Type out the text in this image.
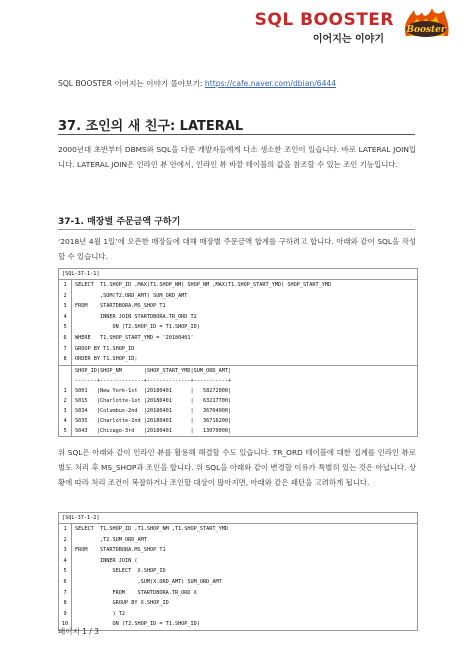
SQL BOOSTER
이어지는 이야기
Booster
SQL BOOSTER 이어지는 이야기 몰아보기: https://cafe.naver.com/dbian/6444
37. 조인의 새 친구: LATERAL
2000년대 초반부터 DBMS와 SQL을 다룬 개발자들에게 다소 생소한 조인이 있습니다. 바로 LATERAL JOIN입니다. LATERAL JOIN은 인라인 뷰 안에서, 인라인 뷰 바깥 테이블의 값을 참조할 수 있는 조인 기능입니다.
37-1. 매장별 주문금액 구하기
‘2018년 4월 1일’에 오픈한 매장들에 대해 매장별 주문금액 합계를 구하려고 합니다. 아래와 같이 SQL을 작성할 수 있습니다.
[SQL-37-1-1]
1	SELECT  T1.SHOP_ID ,MAX(T1.SHOP_NM) SHOP_NM ,MAX(T1.SHOP_START_YMD) SHOP_START_YMD
2	,SUM(T2.ORD_AMT) SUM_ORD_AMT
3	FROM    STARTDBORA.MS_SHOP T1
4	INNER JOIN STARTDBORA.TR_ORD T2
5	ON (T2.SHOP_ID = T1.SHOP_ID)
6	WHERE   T1.SHOP_START_YMD = '20180401'
7	GROUP BY T1.SHOP_ID
8	ORDER BY T1.SHOP_ID;
SHOP_ID|SHOP_NM       |SHOP_START_YMD|SUM_ORD_AMT|
-------+--------------+--------------+-----------+
1	S001   |New York-1st  |20180401      |   58272000|
2	S015   |Charlotte-1st |20180401      |   63217700|
3	S034   |Columbus-2nd  |20180401      |   36704900|
4	S035   |Charlotte-2nd |20180401      |   36716200|
5	S043   |Chicago-3rd   |20180401      |   13070000|
위 SQL은 아래와 같이 인라인 뷰를 활용해 해결할 수도 있습니다. TR_ORD 테이블에 대한 집계를 인라인 뷰로 별도 처리 후 MS_SHOP과 조인을 합니다. 위 SQL을 아래와 같이 변경할 이유가 특별히 있는 것은 아닙니다. 상황에 따라 처리 조건이 복잡하거나 조인할 대상이 많아지면, 아래와 같은 패턴을 고려하게 됩니다.
[SQL-37-1-2]
1	SELECT  T1.SHOP_ID ,T1.SHOP_NM ,T1.SHOP_START_YMD
2	,T2.SUM_ORD_AMT
3	FROM    STARTDBORA.MS_SHOP T1
4	INNER JOIN (
5	SELECT  X.SHOP_ID
6	,SUM(X.ORD_AMT) SUM_ORD_AMT
7	FROM    STARTDBORA.TR_ORD X
8	GROUP BY X.SHOP_ID
9	) T2
10	ON (T2.SHOP_ID = T1.SHOP_ID)
페이지 1 / 3
